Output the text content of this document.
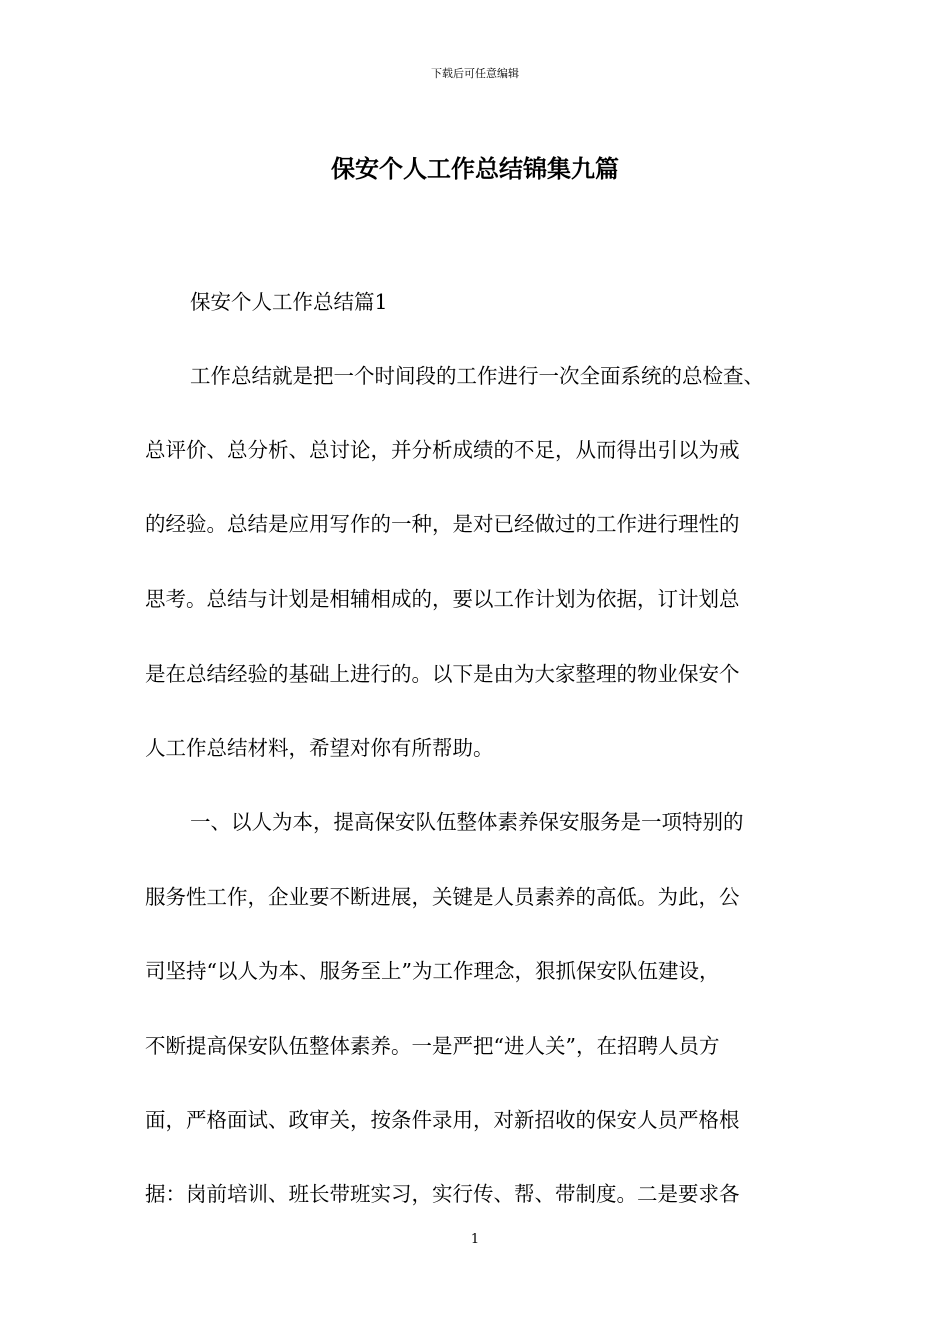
下载后可任意编辑
保安个人工作总结锦集九篇

保安个人工作总结篇1

工作总结就是把一个时间段的工作进行一次全面系统的总检查、

总评价、总分析、总讨论，并分析成绩的不足，从而得出引以为戒

的经验。总结是应用写作的一种，是对已经做过的工作进行理性的

思考。总结与计划是相辅相成的，要以工作计划为依据，订计划总

是在总结经验的基础上进行的。以下是由为大家整理的物业保安个

人工作总结材料，希望对你有所帮助。

一、以人为本，提高保安队伍整体素养保安服务是一项特别的

服务性工作，企业要不断进展，关键是人员素养的高低。为此，公

司坚持“以人为本、服务至上”为工作理念，狠抓保安队伍建设，

不断提高保安队伍整体素养。一是严把“进人关”，在招聘人员方

面，严格面试、政审关，按条件录用，对新招收的保安人员严格根

据：岗前培训、班长带班实习，实行传、帮、带制度。二是要求各

1
